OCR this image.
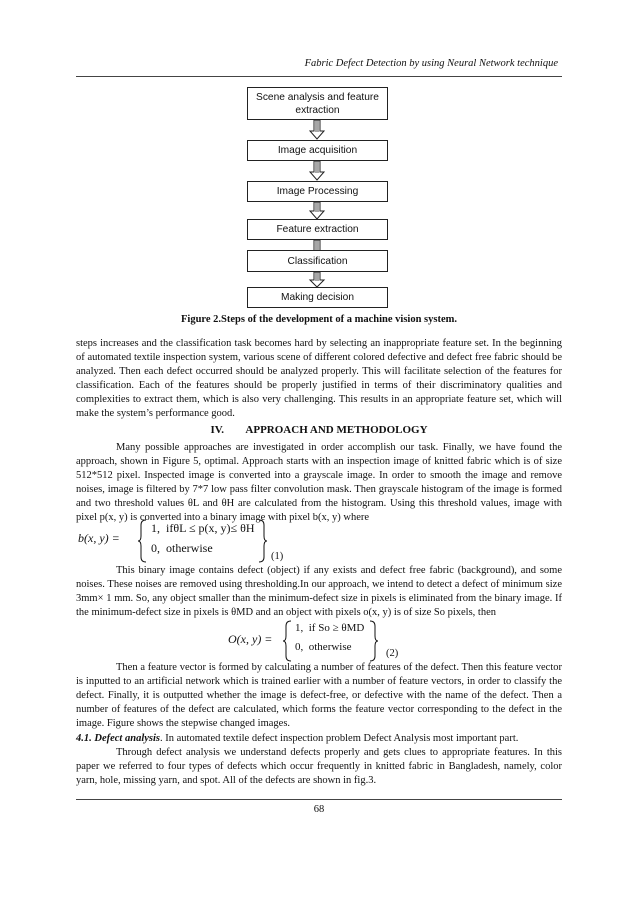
Fabric Defect Detection by using Neural Network technique
Scene analysis and feature extraction
Image acquisition
Image Processing
Feature extraction
Classification
Making decision
Figure 2.Steps of the development of a machine vision system.

steps increases and the classification task becomes hard by selecting an inappropriate feature set. In the beginning of automated textile inspection system, various scene of different colored defective and defect free fabric should be analyzed. Then each defect occurred should be analyzed properly. This will facilitate selection of the features for classification. Each of the features should be properly justified in terms of their discriminatory qualities and complexities to extract them, which is also very challenging. This results in an appropriate feature set, which will make the system’s performance good.

IV.        APPROACH AND METHODOLOGY

Many possible approaches are investigated in order accomplish our task. Finally, we have found the approach, shown in Figure 5, optimal. Approach starts with an inspection image of knitted fabric which is of size 512*512 pixel. Inspected image is converted into a grayscale image. In order to smooth the image and remove noises, image is filtered by 7*7 low pass filter convolution mask. Then grayscale histogram of the image is formed and two threshold values θL and θH are calculated from the histogram. Using this threshold values, image with pixel p(x, y) is converted into a binary image with pixel b(x, y) where

b(x, y) =
1,  ifθL ≤ p(x, y)≤ θH
0,  otherwise
(1)

This binary image contains defect (object) if any exists and defect free fabric (background), and some noises. These noises are removed using thresholding.In our approach, we intend to detect a defect of minimum size 3mm× 1 mm. So, any object smaller than the minimum-defect size in pixels is eliminated from the binary image. If the minimum-defect size in pixels is θMD and an object with pixels o(x, y) is of size So pixels, then

O(x, y) =
1,  if So ≥ θMD
0,  otherwise
(2)

Then a feature vector is formed by calculating a number of features of the defect. Then this feature vector is inputted to an artificial network which is trained earlier with a number of feature vectors, in order to classify the defect. Finally, it is outputted whether the image is defect-free, or defective with the name of the defect. Then a number of features of the defect are calculated, which forms the feature vector corresponding to the defect in the image. Figure shows the stepwise changed images.

4.1. Defect analysis. In automated textile defect inspection problem Defect Analysis most important part.

Through defect analysis we understand defects properly and gets clues to appropriate features. In this paper we referred to four types of defects which occur frequently in knitted fabric in Bangladesh, namely, color yarn, hole, missing yarn, and spot. All of the defects are shown in fig.3.

68
